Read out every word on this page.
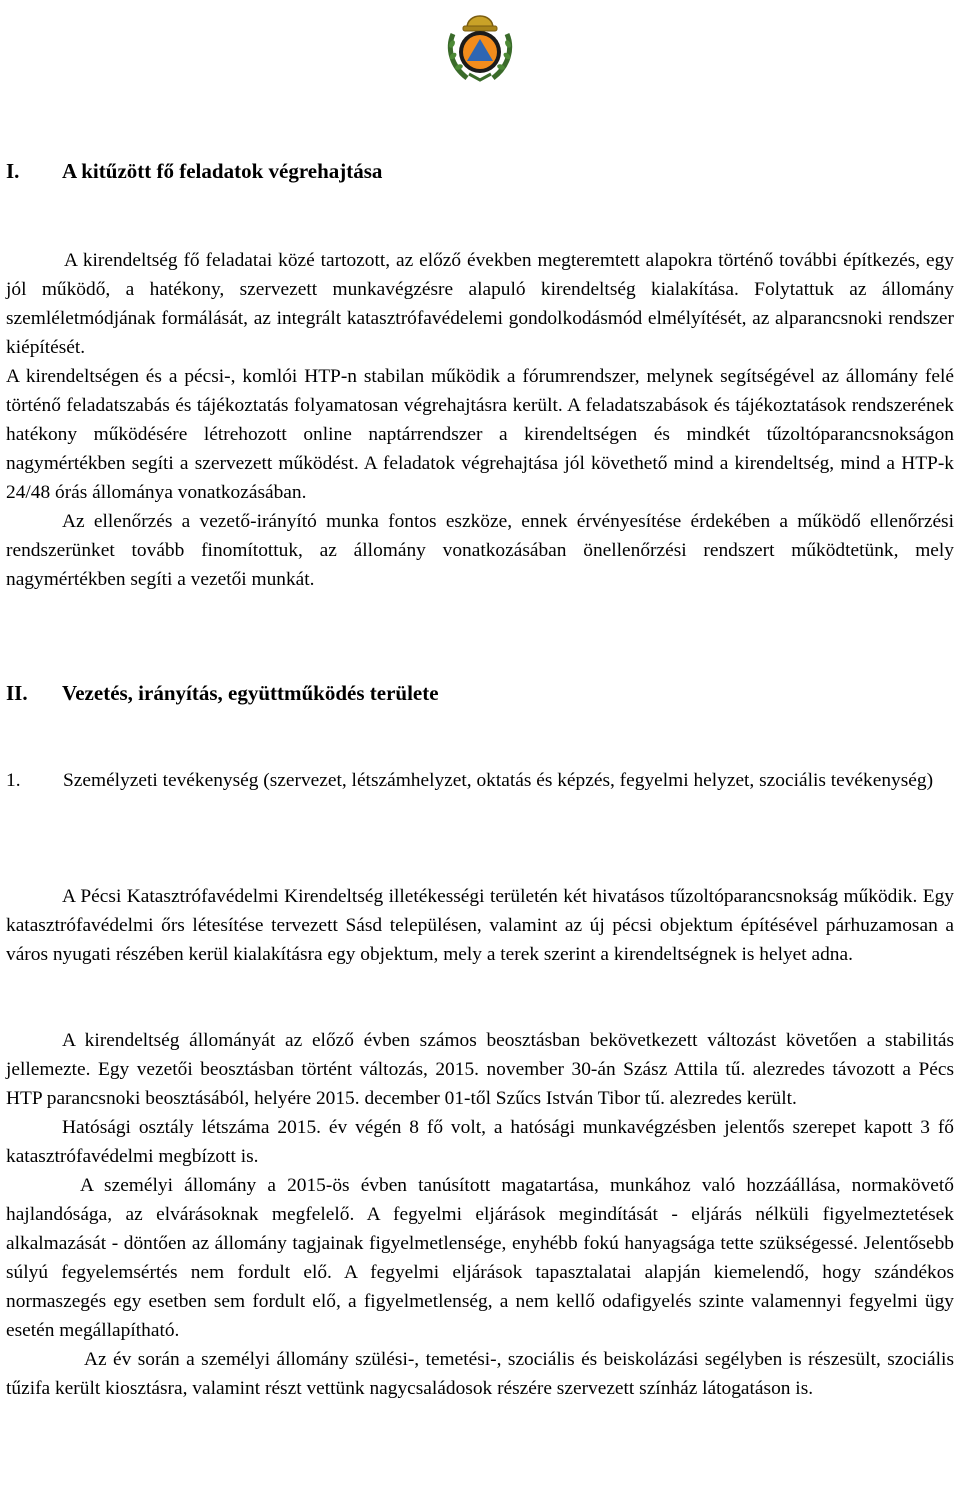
I. A kitűzött fő feladatok végrehajtása

A kirendeltség fő feladatai közé tartozott, az előző években megteremtett alapokra történő további építkezés, egy jól működő, a hatékony, szervezett munkavégzésre alapuló kirendeltség kialakítása. Folytattuk az állomány szemléletmódjának formálását, az integrált katasztrófavédelemi gondolkodásmód elmélyítését, az alparancsnoki rendszer kiépítését.

A kirendeltségen és a pécsi-, komlói HTP-n stabilan működik a fórumrendszer, melynek segítségével az állomány felé történő feladatszabás és tájékoztatás folyamatosan végrehajtásra került. A feladatszabások és tájékoztatások rendszerének hatékony működésére létrehozott online naptárrendszer a kirendeltségen és mindkét tűzoltóparancsnokságon nagymértékben segíti a szervezett működést. A feladatok végrehajtása jól követhető mind a kirendeltség, mind a HTP-k 24/48 órás állománya vonatkozásában.

Az ellenőrzés a vezető-irányító munka fontos eszköze, ennek érvényesítése érdekében a működő ellenőrzési rendszerünket tovább finomítottuk, az állomány vonatkozásában önellenőrzési rendszert működtetünk, mely nagymértékben segíti a vezetői munkát.

II. Vezetés, irányítás, együttműködés területe
1. Személyzeti tevékenység (szervezet, létszámhelyzet, oktatás és képzés, fegyelmi helyzet, szociális tevékenység)

A Pécsi Katasztrófavédelmi Kirendeltség illetékességi területén két hivatásos tűzoltóparancsnokság működik. Egy katasztrófavédelmi őrs létesítése tervezett Sásd településen, valamint az új pécsi objektum építésével párhuzamosan a város nyugati részében kerül kialakításra egy objektum, mely a terek szerint a kirendeltségnek is helyet adna.

A kirendeltség állományát az előző évben számos beosztásban bekövetkezett változást követően a stabilitás jellemezte. Egy vezetői beosztásban történt változás, 2015. november 30-án Szász Attila tű. alezredes távozott a Pécs HTP parancsnoki beosztásából, helyére 2015. december 01-től Szűcs István Tibor tű. alezredes került.

Hatósági osztály létszáma 2015. év végén 8 fő volt, a hatósági munkavégzésben jelentős szerepet kapott 3 fő katasztrófavédelmi megbízott is.

A személyi állomány a 2015-ös évben tanúsított magatartása, munkához való hozzáállása, normakövető hajlandósága, az elvárásoknak megfelelő. A fegyelmi eljárások megindítását - eljárás nélküli figyelmeztetések alkalmazását - döntően az állomány tagjainak figyelmetlensége, enyhébb fokú hanyagsága tette szükségessé. Jelentősebb súlyú fegyelemsértés nem fordult elő. A fegyelmi eljárások tapasztalatai alapján kiemelendő, hogy szándékos normaszegés egy esetben sem fordult elő, a figyelmetlenség, a nem kellő odafigyelés szinte valamennyi fegyelmi ügy esetén megállapítható.

Az év során a személyi állomány szülési-, temetési-, szociális és beiskolázási segélyben is részesült, szociális tűzifa került kiosztásra, valamint részt vettünk nagycsaládosok részére szervezett színház látogatáson is.
